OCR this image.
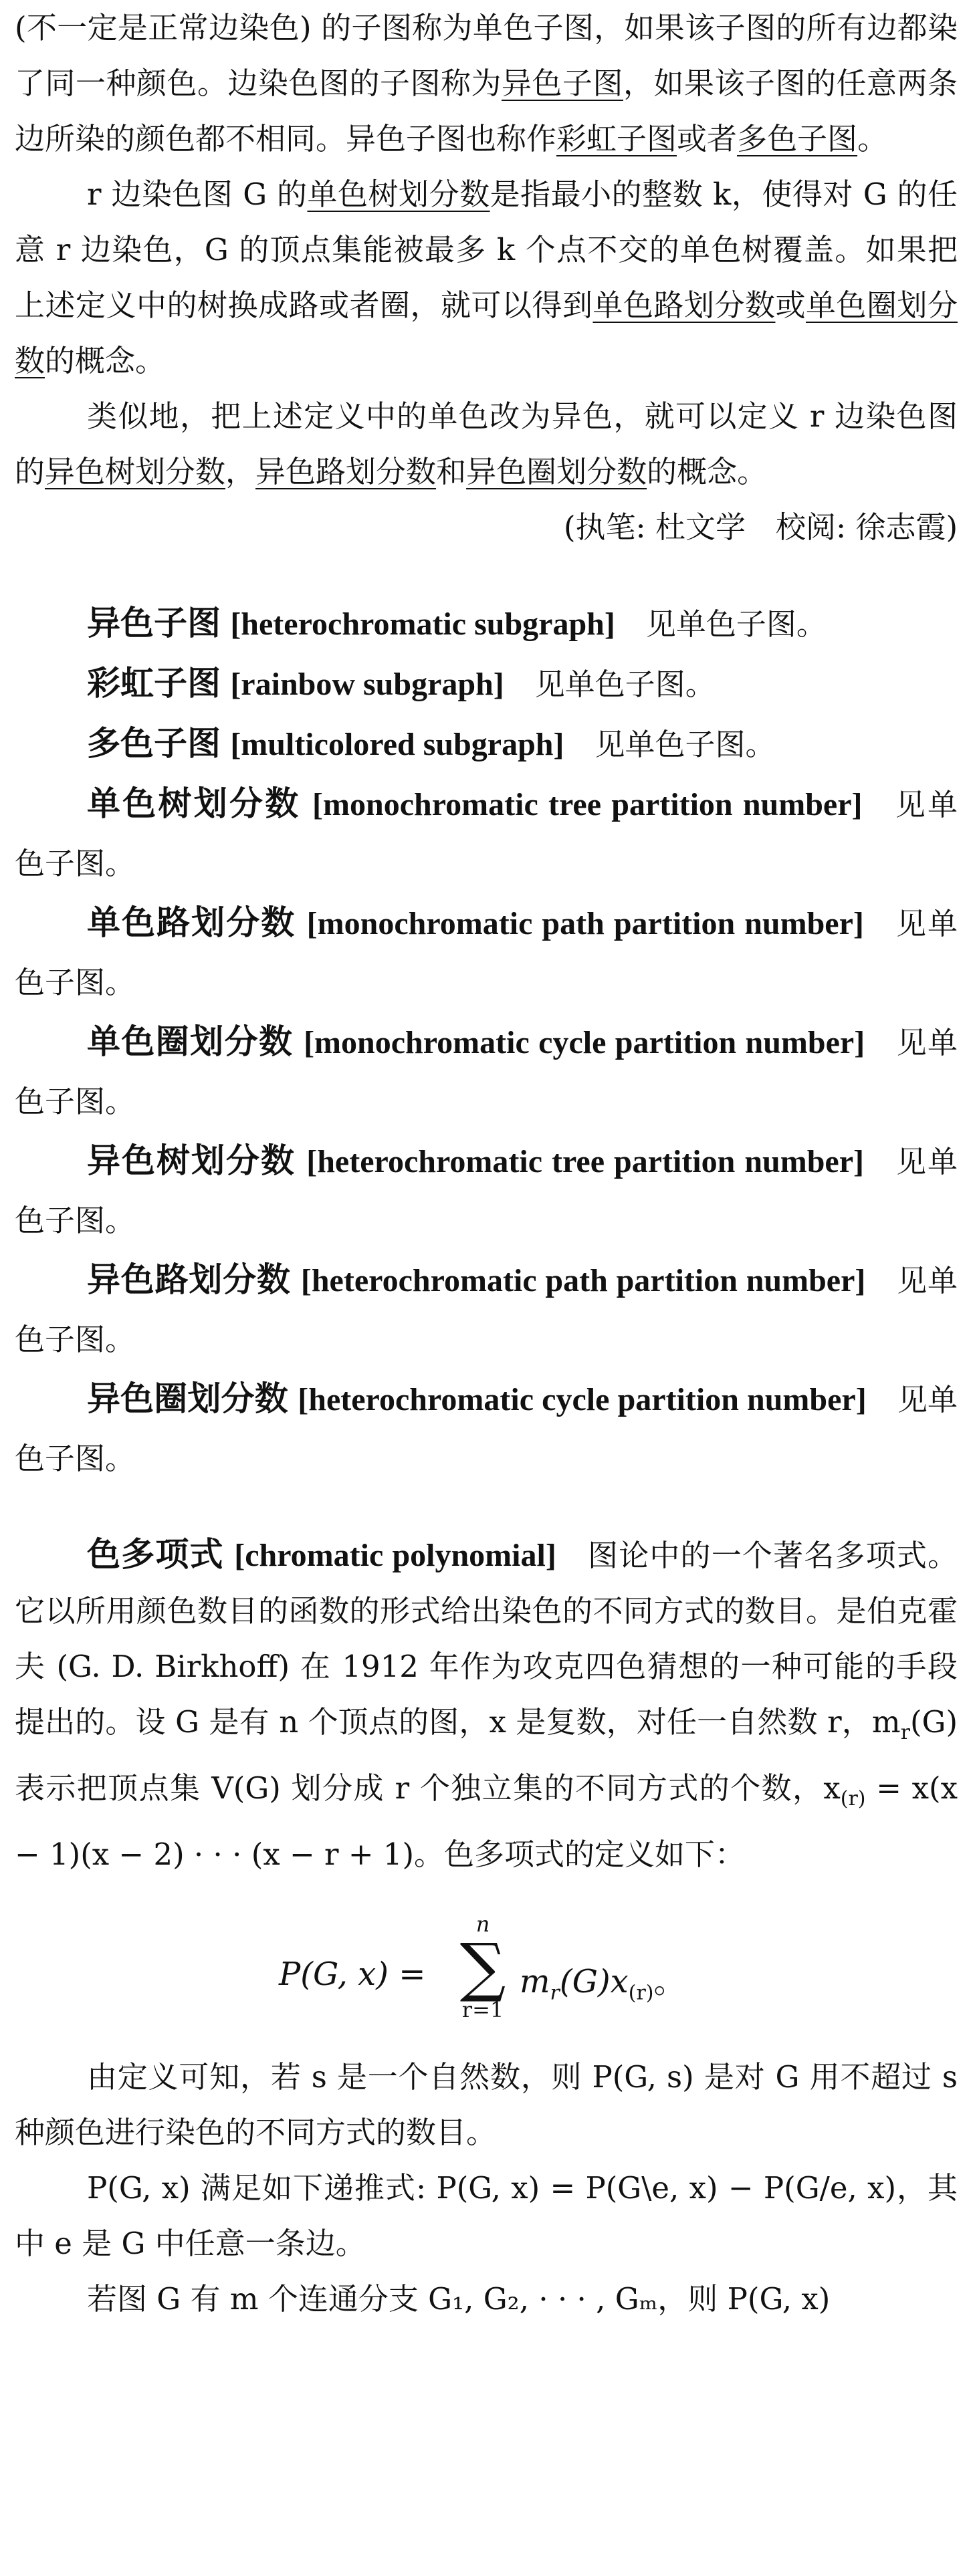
(不一定是正常边染色) 的子图称为单色子图，如果该子图的所有边都染了同一种颜色。边染色图的子图称为异色子图，如果该子图的任意两条边所染的颜色都不相同。异色子图也称作彩虹子图或者多色子图。

r 边染色图 G 的单色树划分数是指最小的整数 k，使得对 G 的任意 r 边染色，G 的顶点集能被最多 k 个点不交的单色树覆盖。如果把上述定义中的树换成路或者圈，就可以得到单色路划分数或单色圈划分数的概念。

类似地，把上述定义中的单色改为异色，就可以定义 r 边染色图的异色树划分数，异色路划分数和异色圈划分数的概念。

(执笔: 杜文学　校阅: 徐志霞)

异色子图 [heterochromatic subgraph] 见单色子图。

彩虹子图 [rainbow subgraph] 见单色子图。

多色子图 [multicolored subgraph] 见单色子图。

单色树划分数 [monochromatic tree partition number] 见单色子图。

单色路划分数 [monochromatic path partition number] 见单色子图。

单色圈划分数 [monochromatic cycle partition number] 见单色子图。

异色树划分数 [heterochromatic tree partition number] 见单色子图。

异色路划分数 [heterochromatic path partition number] 见单色子图。

异色圈划分数 [heterochromatic cycle partition number] 见单色子图。

色多项式 [chromatic polynomial] 图论中的一个著名多项式。它以所用颜色数目的函数的形式给出染色的不同方式的数目。是伯克霍夫 (G. D. Birkhoff) 在 1912 年作为攻克四色猜想的一种可能的手段提出的。设 G 是有 n 个顶点的图，x 是复数，对任一自然数 r，$m_r(G)$ 表示把顶点集 V(G) 划分成 r 个独立集的不同方式的个数，$x_{(r)} = x(x - 1)(x - 2)$ · · · (x − r + 1)。色多项式的定义如下：

P(G, x) =
n
∑
r=1
$m_r(G)x_{(r)}$。

由定义可知，若 s 是一个自然数，则 P(G, s) 是对 G 用不超过 s 种颜色进行染色的不同方式的数目。

P(G, x) 满足如下递推式: P(G, x) = P(G\e, x) − P(G/e, x)，其中 e 是 G 中任意一条边。

若图 G 有 m 个连通分支 G₁, G₂, · · · , Gₘ，则 P(G, x)
